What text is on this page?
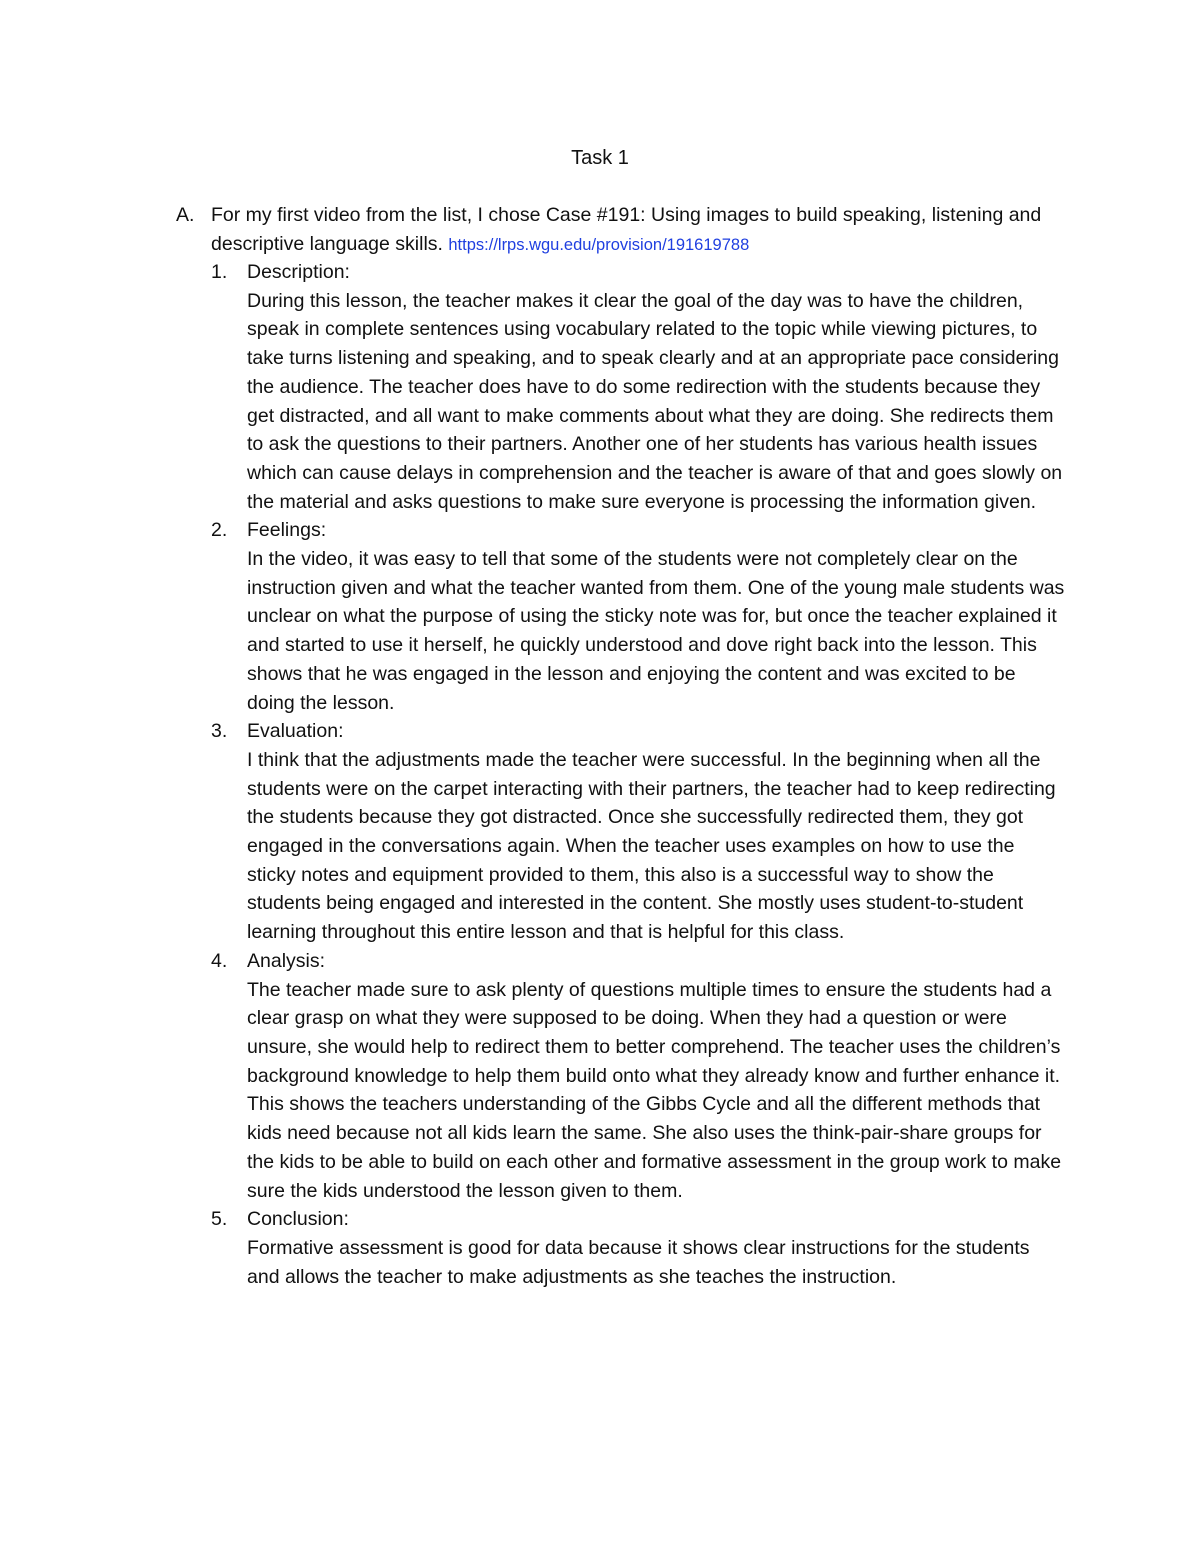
Task 1
A. For my first video from the list, I chose Case #191: Using images to build speaking, listening and descriptive language skills. https://lrps.wgu.edu/provision/191619788
1.	Description:
During this lesson, the teacher makes it clear the goal of the day was to have the children, speak in complete sentences using vocabulary related to the topic while viewing pictures, to take turns listening and speaking, and to speak clearly and at an appropriate pace considering the audience. The teacher does have to do some redirection with the students because they get distracted, and all want to make comments about what they are doing. She redirects them to ask the questions to their partners. Another one of her students has various health issues which can cause delays in comprehension and the teacher is aware of that and goes slowly on the material and asks questions to make sure everyone is processing the information given.
2.	Feelings:
In the video, it was easy to tell that some of the students were not completely clear on the instruction given and what the teacher wanted from them. One of the young male students was unclear on what the purpose of using the sticky note was for, but once the teacher explained it and started to use it herself, he quickly understood and dove right back into the lesson. This shows that he was engaged in the lesson and enjoying the content and was excited to be doing the lesson.
3.	Evaluation:
I think that the adjustments made the teacher were successful. In the beginning when all the students were on the carpet interacting with their partners, the teacher had to keep redirecting the students because they got distracted. Once she successfully redirected them, they got engaged in the conversations again. When the teacher uses examples on how to use the sticky notes and equipment provided to them, this also is a successful way to show the students being engaged and interested in the content. She mostly uses student-to-student learning throughout this entire lesson and that is helpful for this class.
4.	Analysis:
The teacher made sure to ask plenty of questions multiple times to ensure the students had a clear grasp on what they were supposed to be doing. When they had a question or were unsure, she would help to redirect them to better comprehend. The teacher uses the children’s background knowledge to help them build onto what they already know and further enhance it. This shows the teachers understanding of the Gibbs Cycle and all the different methods that kids need because not all kids learn the same. She also uses the think-pair-share groups for the kids to be able to build on each other and formative assessment in the group work to make sure the kids understood the lesson given to them.
5.	Conclusion:
Formative assessment is good for data because it shows clear instructions for the students and allows the teacher to make adjustments as she teaches the instruction.
